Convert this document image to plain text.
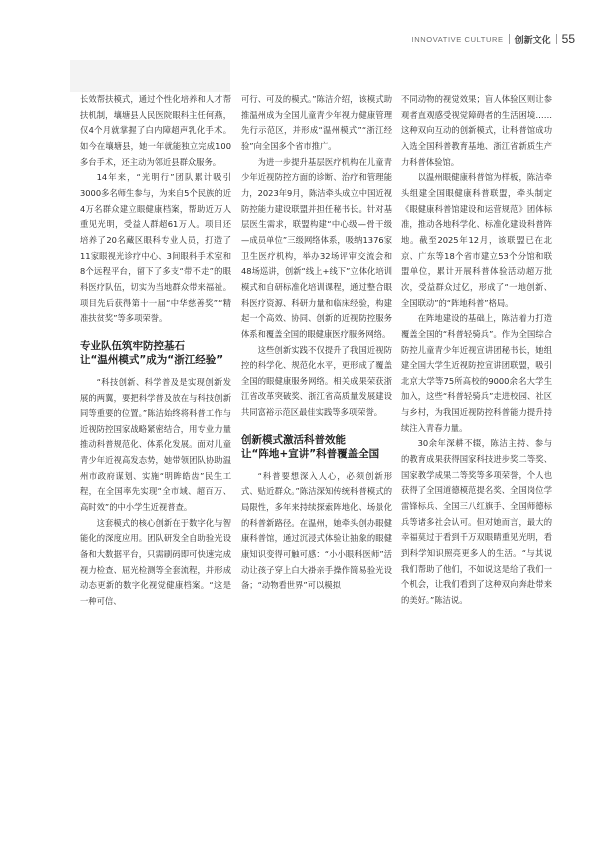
INNOVATIVE CULTURE 创新文化 55

长效帮扶模式，通过个性化培养和人才帮扶机制，壤塘县人民医院眼科主任何燕，仅4个月就掌握了白内障超声乳化手术。如今在壤塘县，她一年就能独立完成100多台手术，还主动为邻近县群众服务。

14年来，“光明行”团队累计吸引3000多名师生参与，为来自5个民族的近4万名群众建立眼健康档案，帮助近万人重见光明，受益人群超61万人。项目还培养了20名藏区眼科专业人员，打造了11家眼视光诊疗中心、3间眼科手术室和8个远程平台，留下了多支“带不走”的眼科医疗队伍，切实为当地群众带来福祉。项目先后获得第十一届“中华慈善奖”“精准扶贫奖”等多项荣誉。

专业队伍筑牢防控基石
让“温州模式”成为“浙江经验”

“科技创新、科学普及是实现创新发展的两翼，要把科学普及放在与科技创新同等重要的位置。”陈洁始终将科普工作与近视防控国家战略紧密结合，用专业力量推动科普规范化、体系化发展。面对儿童青少年近视高发态势，她带领团队协助温州市政府谋划、实施“明眸皓齿”民生工程，在全国率先实现“全市域、超百万、高时效”的中小学生近视普查。

这套模式的核心创新在于数字化与智能化的深度应用。团队研发全自助验光设备和大数据平台，只需刷码即可快速完成视力检查、屈光检测等全套流程，并形成动态更新的数字化视觉健康档案。“这是一种可信、

可行、可及的模式。”陈洁介绍，该模式助推温州成为全国儿童青少年视力健康管理先行示范区，并形成“温州模式”“浙江经验”向全国多个省市推广。

为进一步提升基层医疗机构在儿童青少年近视防控方面的诊断、治疗和管理能力，2023年9月，陈洁牵头成立中国近视防控能力建设联盟并担任秘书长。针对基层医生需求，联盟构建“中心级—骨干级—成员单位”三级网络体系，吸纳1376家卫生医疗机构，举办32场评审交流会和48场巡讲，创新“线上+线下”立体化培训模式和自研标准化培训课程，通过整合眼科医疗资源、科研力量和临床经验，构建起一个高效、协同、创新的近视防控服务体系和覆盖全国的眼健康医疗服务网络。

这些创新实践不仅提升了我国近视防控的科学化、规范化水平，更形成了覆盖全国的眼健康服务网络。相关成果荣获浙江省改革突破奖、浙江省高质量发展建设共同富裕示范区最佳实践等多项荣誉。

创新模式激活科普效能
让“阵地+宣讲”科普覆盖全国

“科普要想深入人心，必须创新形式、贴近群众。”陈洁深知传统科普模式的局限性，多年来持续探索阵地化、场景化的科普新路径。在温州，她牵头创办眼健康科普馆，通过沉浸式体验让抽象的眼健康知识变得可触可感：“小小眼科医师”活动让孩子穿上白大褂亲手操作简易验光设备；“动物看世界”可以模拟

不同动物的视觉效果；盲人体验区则让参观者直观感受视觉障碍者的生活困境……这种双向互动的创新模式，让科普馆成功入选全国科普教育基地、浙江省新质生产力科普体验馆。

以温州眼健康科普馆为样板，陈洁牵头组建全国眼健康科普联盟，牵头制定《眼健康科普馆建设和运营规范》团体标准，推动各地科学化、标准化建设科普阵地。截至2025年12月，该联盟已在北京、广东等18个省市建立53个分馆和联盟单位，累计开展科普体验活动超万批次，受益群众过亿，形成了“一地创新、全国联动”的“阵地科普”格局。

在阵地建设的基础上，陈洁着力打造覆盖全国的“科普轻骑兵”。作为全国综合防控儿童青少年近视宣讲团秘书长，她组建全国大学生近视防控宣讲团联盟，吸引北京大学等75所高校的9000余名大学生加入，这些“科普轻骑兵”走进校园、社区与乡村，为我国近视防控科普能力提升持续注入青春力量。

30余年深耕不辍，陈洁主持、参与的教育成果获得国家科技进步奖二等奖、国家教学成果二等奖等多项荣誉，个人也获得了全国道德模范提名奖、全国岗位学雷锋标兵、全国三八红旗手、全国师德标兵等诸多社会认可。但对她而言，最大的幸福莫过于看到千万双眼睛重见光明，看到科学知识照亮更多人的生活。“与其说我们帮助了他们，不如说这是给了我们一个机会，让我们看到了这种双向奔赴带来的美好。”陈洁说。
